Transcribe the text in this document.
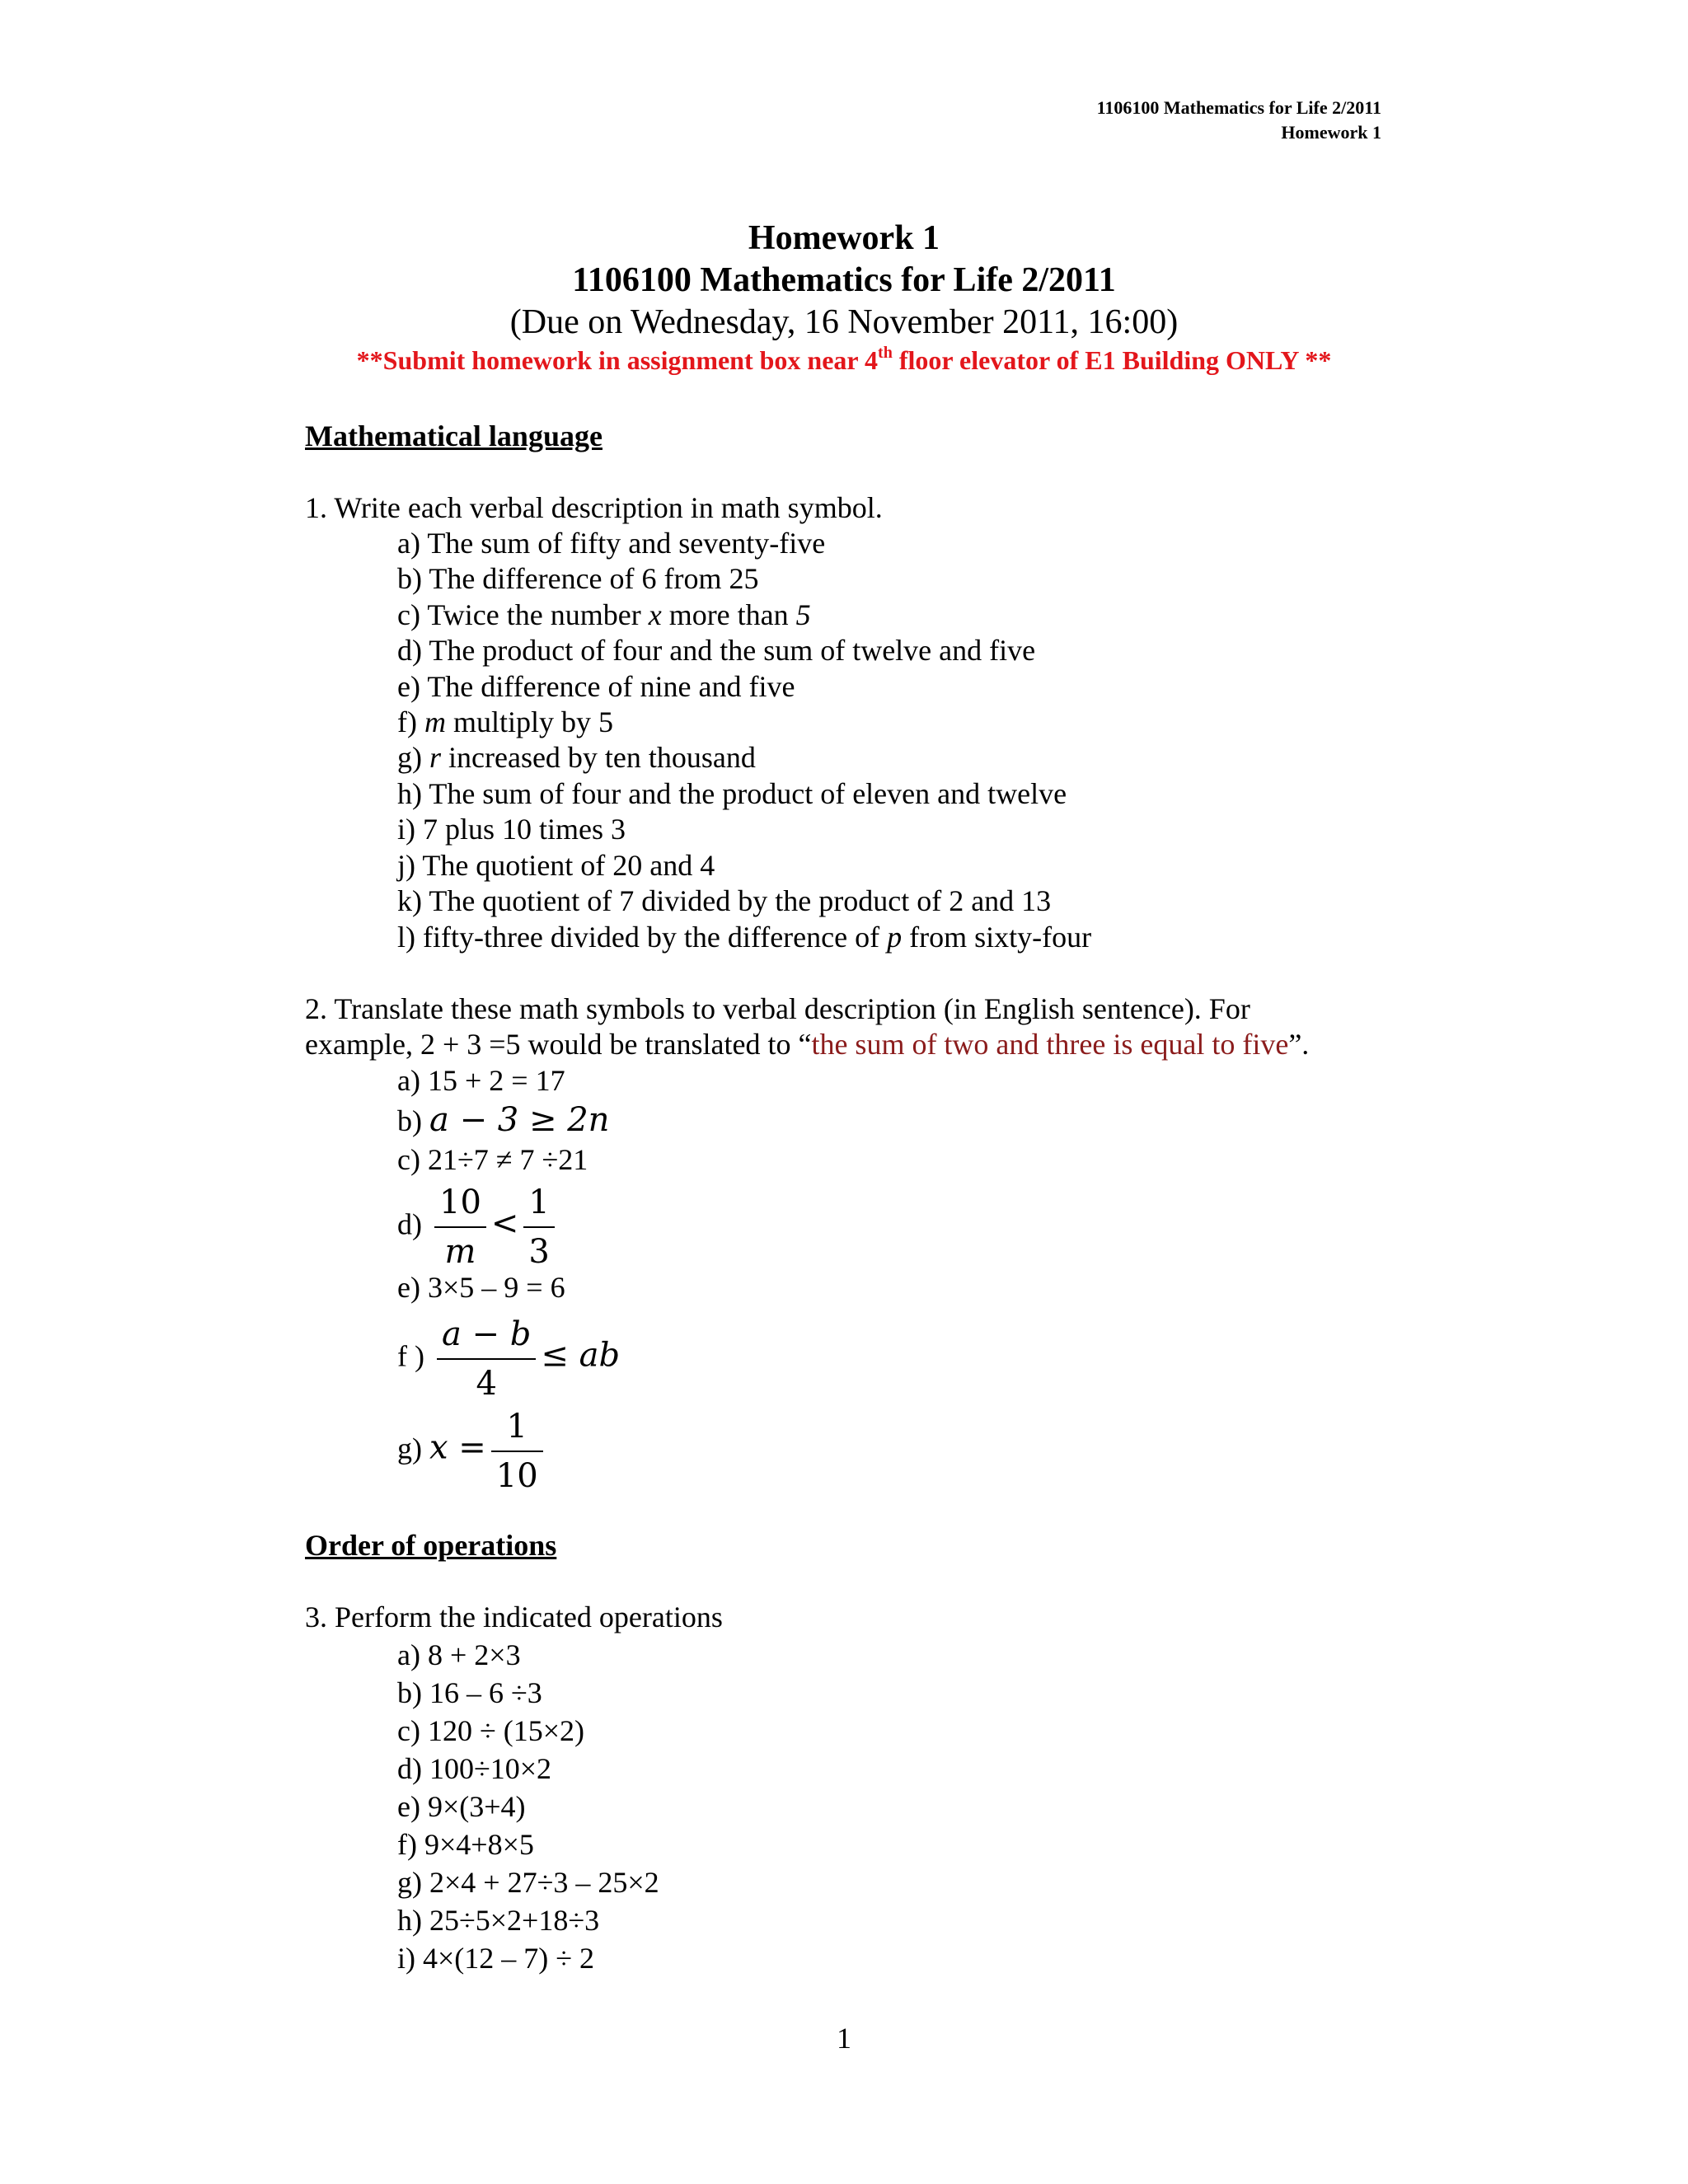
1106100 Mathematics for Life 2/2011
Homework 1
Homework 1
1106100 Mathematics for Life 2/2011
(Due on Wednesday, 16 November 2011, 16:00)
**Submit homework in assignment box near 4th floor elevator of E1 Building ONLY **
Mathematical language
1. Write each verbal description in math symbol.
a) The sum of fifty and seventy-five
b) The difference of 6 from 25
c) Twice the number x more than 5
d) The product of four and the sum of twelve and five
e) The difference of nine and five
f) m multiply by 5
g) r increased by ten thousand
h) The sum of four and the product of eleven and twelve
i) 7 plus 10 times 3
j) The quotient of 20 and 4
k) The quotient of 7 divided by the product of 2 and 13
l) fifty-three divided by the difference of p from sixty-four
2. Translate these math symbols to verbal description (in English sentence). For
example, 2 + 3 =5 would be translated to “the sum of two and three is equal to five”.
a) 15 + 2 = 17
b) a − 3 ≥ 2n
c) 21÷7 ≠ 7 ÷21
$d) \frac{10}{m} < \frac{1}{3}$
e) 3×5 – 9 = 6
f ) $\frac{a - b}{4}$ ≤ ab
g) $x = \frac{1}{10}$
Order of operations
3. Perform the indicated operations
a) 8 + 2×3
b) 16 – 6 ÷3
c) 120 ÷ (15×2)
d) 100÷10×2
e) 9×(3+4)
f) 9×4+8×5
g) 2×4 + 27÷3 – 25×2
h) 25÷5×2+18÷3
i) 4×(12 – 7) ÷ 2
1
